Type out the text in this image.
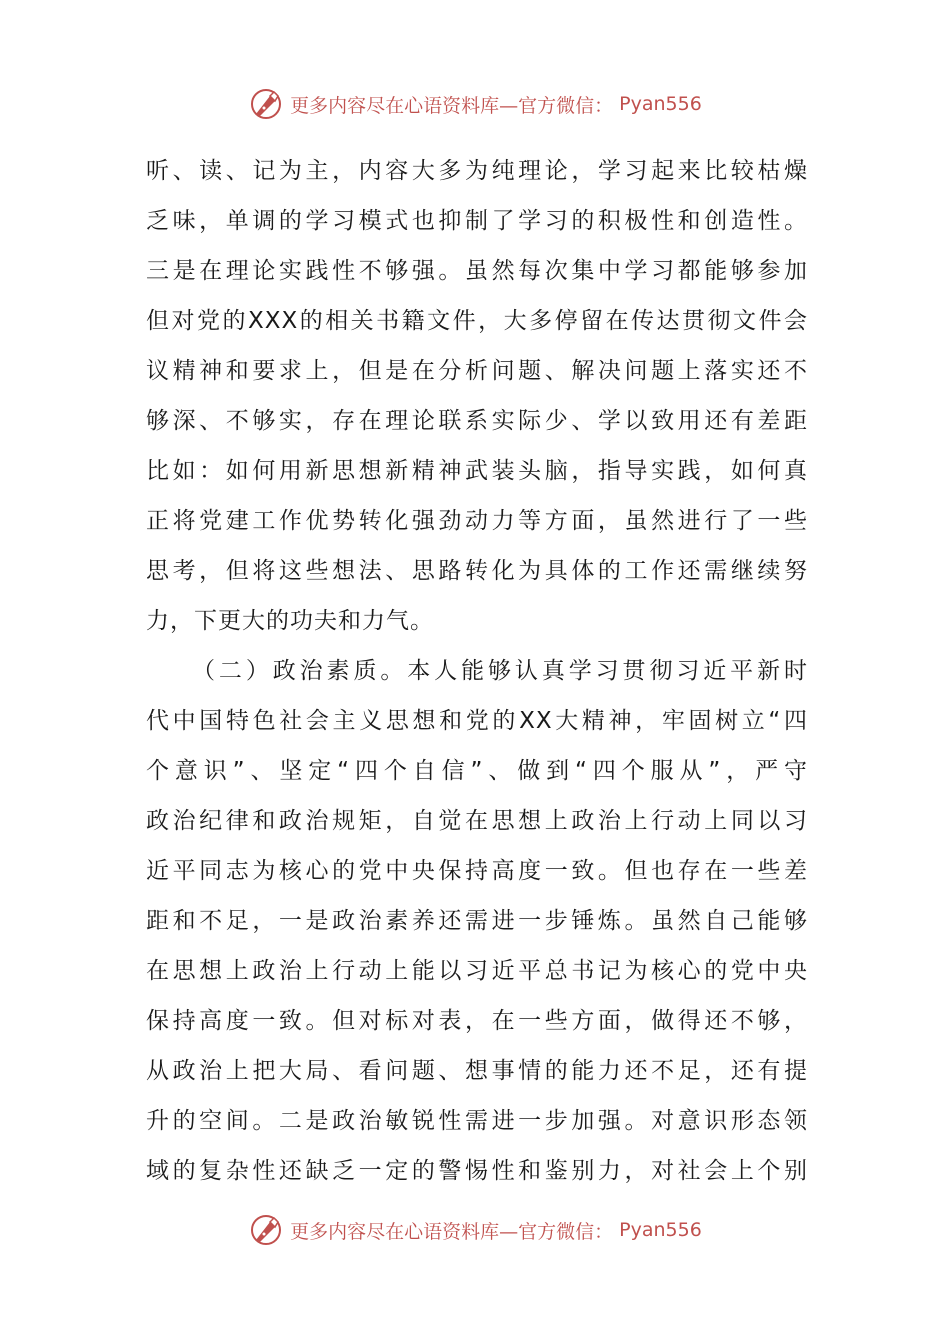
更多内容尽在心语资料库—官方微信： Pyan556
听、读、记为主，内容大多为纯理论，学习起来比较枯燥
乏味，单调的学习模式也抑制了学习的积极性和创造性。
三是在理论实践性不够强。虽然每次集中学习都能够参加
但对党的XXX的相关书籍文件，大多停留在传达贯彻文件会
议精神和要求上，但是在分析问题、解决问题上落实还不
够深、不够实，存在理论联系实际少、学以致用还有差距
比如：如何用新思想新精神武装头脑，指导实践，如何真
正将党建工作优势转化强劲动力等方面，虽然进行了一些
思考，但将这些想法、思路转化为具体的工作还需继续努
力，下更大的功夫和力气。
（二）政治素质。本人能够认真学习贯彻习近平新时
代中国特色社会主义思想和党的XX大精神，牢固树立“四
个意识”、坚定“四个自信”、做到“四个服从”，严守
政治纪律和政治规矩，自觉在思想上政治上行动上同以习
近平同志为核心的党中央保持高度一致。但也存在一些差
距和不足，一是政治素养还需进一步锤炼。虽然自己能够
在思想上政治上行动上能以习近平总书记为核心的党中央
保持高度一致。但对标对表，在一些方面，做得还不够，
从政治上把大局、看问题、想事情的能力还不足，还有提
升的空间。二是政治敏锐性需进一步加强。对意识形态领
域的复杂性还缺乏一定的警惕性和鉴别力，对社会上个别
更多内容尽在心语资料库—官方微信： Pyan556
